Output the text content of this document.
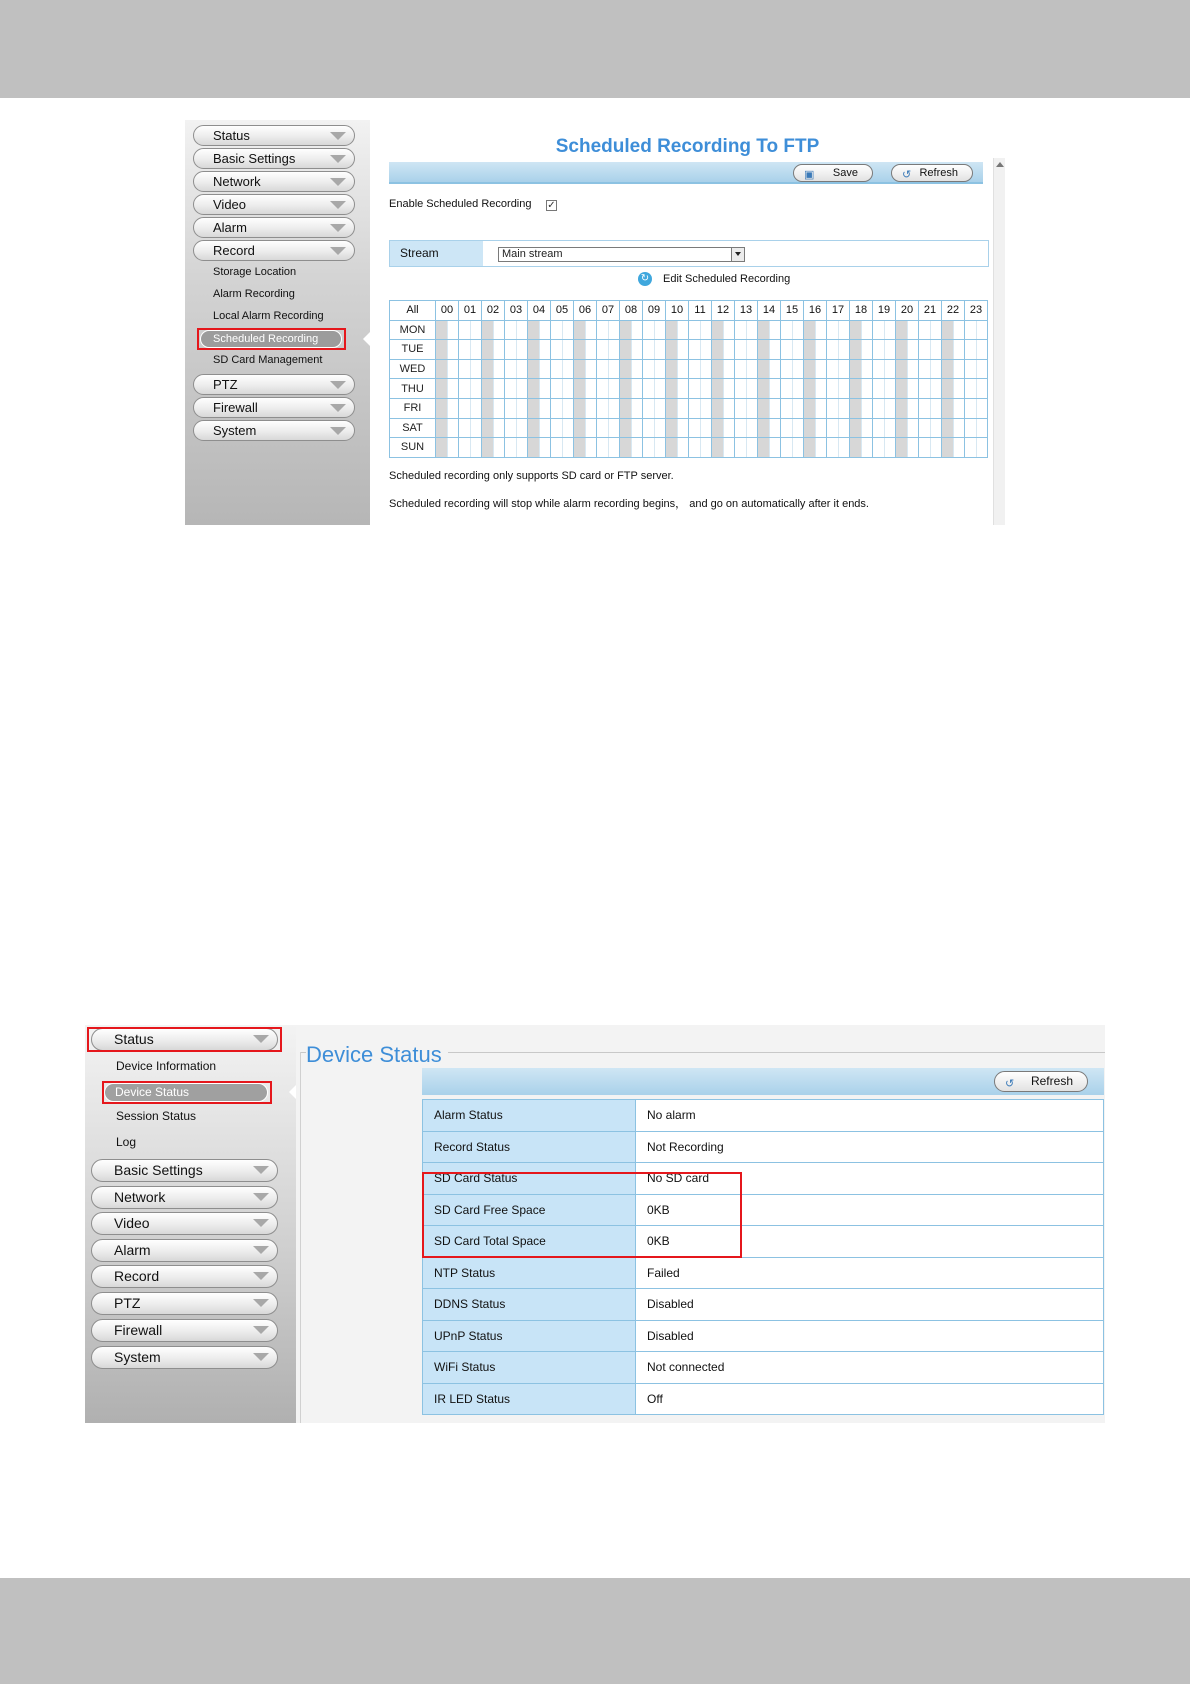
Status
Basic Settings
Network
Video
Alarm
Record
Storage Location
Alarm Recording
Local Alarm Recording
Scheduled Recording
SD Card Management
PTZ
Firewall
System
Scheduled Recording To FTP
▣ Save	↺ Refresh
Enable Scheduled Recording ✓
Stream	Main stream
↻ Edit Scheduled Recording
All	00		01		02		03		04		05		06		07		08		09		10		11		12		13		14		15		16		17		18		19		20		21		22		23	
MON																																																
TUE																																																
WED																																																
THU																																																
FRI																																																
SAT																																																
SUN																																																
Scheduled recording only supports SD card or FTP server.
Scheduled recording will stop while alarm recording begins， and go on automatically after it ends.
Status
Device Information
Device Status
Session Status
Log
Basic Settings
Network
Video
Alarm
Record
PTZ
Firewall
System
Device Status
↺ Refresh
Alarm Status	No alarm
Record Status	Not Recording
SD Card Status	No SD card
SD Card Free Space	0KB
SD Card Total Space	0KB
NTP Status	Failed
DDNS Status	Disabled
UPnP Status	Disabled
WiFi Status	Not connected
IR LED Status	Off
